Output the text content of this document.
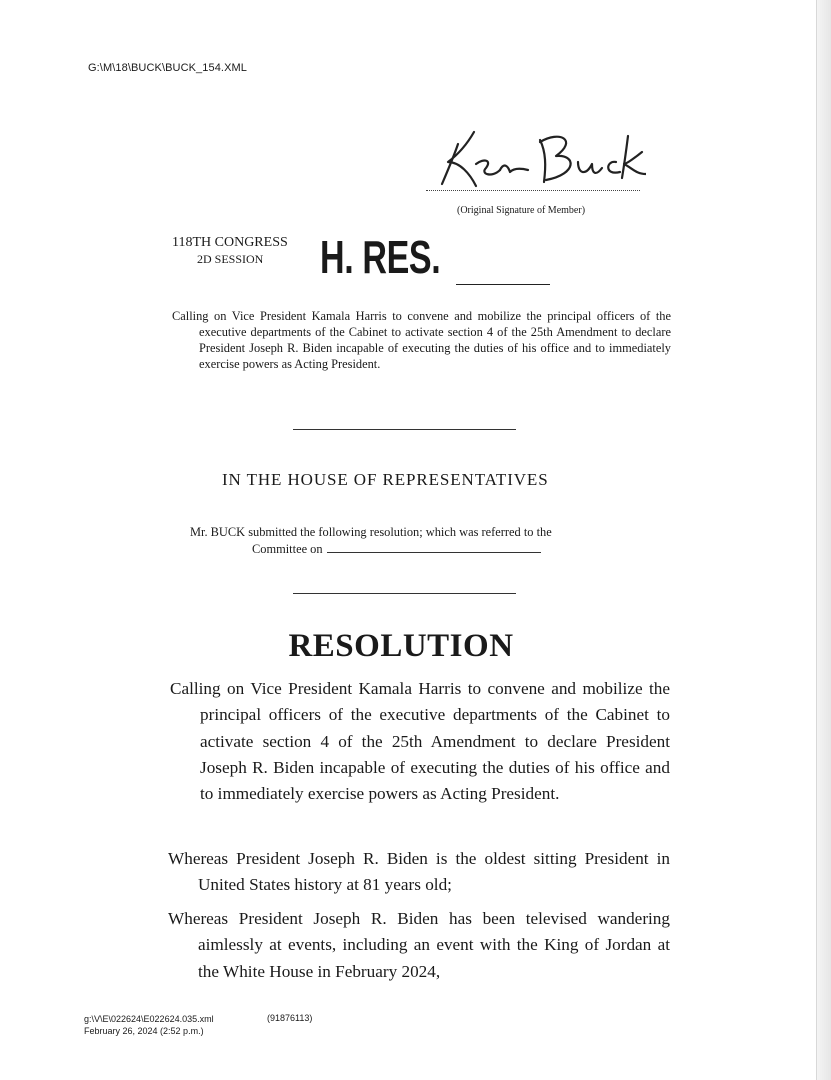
G:\M\18\BUCK\BUCK_154.XML
(Original Signature of Member)
118TH CONGRESS
2D SESSION H. RES.
Calling on Vice President Kamala Harris to convene and mobilize the principal officers of the executive departments of the Cabinet to activate section 4 of the 25th Amendment to declare President Joseph R. Biden incapable of executing the duties of his office and to immediately exercise powers as Acting President.
IN THE HOUSE OF REPRESENTATIVES
Mr. BUCK submitted the following resolution; which was referred to the
Committee on
RESOLUTION
Calling on Vice President Kamala Harris to convene and mobilize the principal officers of the executive departments of the Cabinet to activate section 4 of the 25th Amendment to declare President Joseph R. Biden incapable of executing the duties of his office and to immediately exercise powers as Acting President.
Whereas President Joseph R. Biden is the oldest sitting President in United States history at 81 years old;
Whereas President Joseph R. Biden has been televised wandering aimlessly at events, including an event with the King of Jordan at the White House in February 2024,
g:\V\E\022624\E022624.035.xml
February 26, 2024 (2:52 p.m.)
(91876113)
